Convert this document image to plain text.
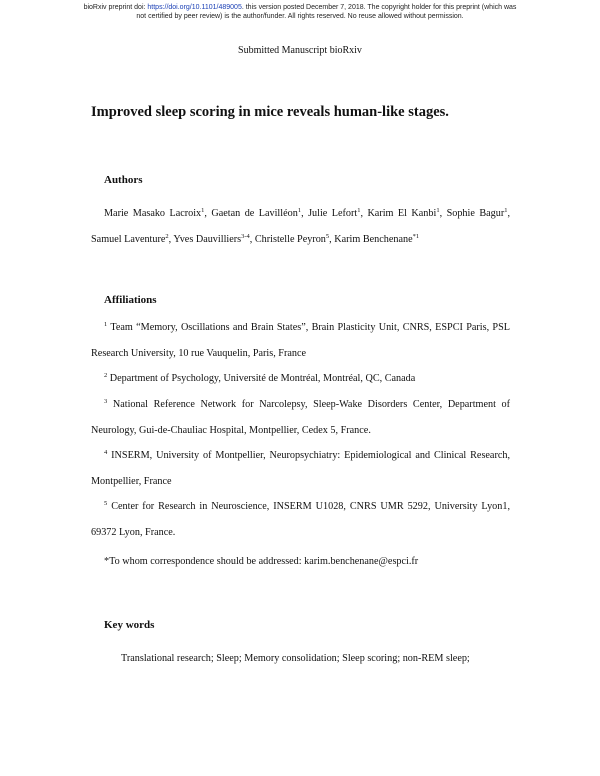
bioRxiv preprint doi: https://doi.org/10.1101/489005. this version posted December 7, 2018. The copyright holder for this preprint (which was
not certified by peer review) is the author/funder. All rights reserved. No reuse allowed without permission.
Submitted Manuscript bioRxiv
Improved sleep scoring in mice reveals human-like stages.
Authors
Marie Masako Lacroix$^1$, Gaetan de Lavilléon$^1$, Julie Lefort$^1$, Karim El Kanbi$^1$, Sophie Bagur$^1$, Samuel Laventure$^2$, Yves Dauvilliers$^{3-4}$, Christelle Peyron$^5$, Karim Benchenane$^{*1}$
Affiliations
$^1$ Team “Memory, Oscillations and Brain States”, Brain Plasticity Unit, CNRS, ESPCI Paris, PSL Research University, 10 rue Vauquelin, Paris, France
$^2$ Department of Psychology, Université de Montréal, Montréal, QC, Canada
$^3$ National Reference Network for Narcolepsy, Sleep-Wake Disorders Center, Department of Neurology, Gui-de-Chauliac Hospital, Montpellier, Cedex 5, France.
$^4$ INSERM, University of Montpellier, Neuropsychiatry: Epidemiological and Clinical Research, Montpellier, France
$^5$ Center for Research in Neuroscience, INSERM U1028, CNRS UMR 5292, University Lyon1, 69372 Lyon, France.
*To whom correspondence should be addressed: karim.benchenane@espci.fr
Key words
Translational research; Sleep; Memory consolidation; Sleep scoring; non-REM sleep;
